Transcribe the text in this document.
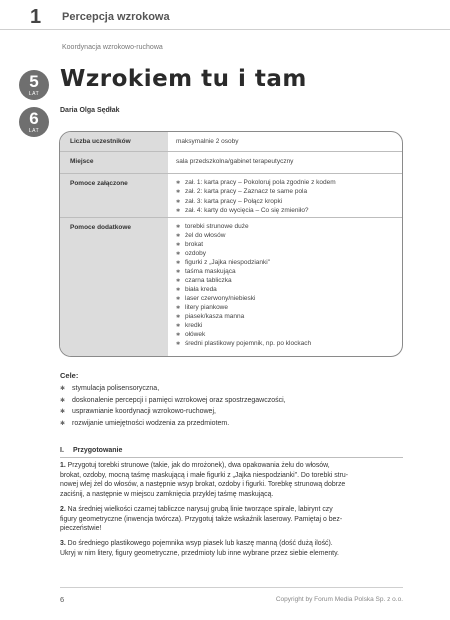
1 Percepcja wzrokowa
Koordynacja wzrokowo-ruchowa
5
LAT
6
LAT
Wzrokiem tu i tam
Daria Olga Sędłak
Liczba uczestników	maksymalnie 2 osoby
Miejsce	sala przedszkolna/gabinet terapeutyczny
Pomoce załączone	✱ zał. 1: karta pracy – Pokoloruj pola zgodnie z kodem
✱ zał. 2: karta pracy – Zaznacz te same pola
✱ zał. 3: karta pracy – Połącz kropki
✱ zał. 4: karty do wycięcia – Co się zmieniło?
Pomoce dodatkowe	✱ torebki strunowe duże
✱ żel do włosów
✱ brokat
✱ ozdoby
✱ figurki z „Jajka niespodzianki"
✱ taśma maskująca
✱ czarna tabliczka
✱ biała kreda
✱ laser czerwony/niebieski
✱ litery piankowe
✱ piasek/kasza manna
✱ kredki
✱ ołówek
✱ średni plastikowy pojemnik, np. po klockach
Cele:
✱ stymulacja polisensoryczna,
✱ doskonalenie percepcji i pamięci wzrokowej oraz spostrzegawczości,
✱ usprawnianie koordynacji wzrokowo-ruchowej,
✱ rozwijanie umiejętności wodzenia za przedmiotem.
I. Przygotowanie
1. Przygotuj torebki strunowe (takie, jak do mrożonek), dwa opakowania żelu do włosów,
brokat, ozdoby, mocną taśmę maskującą i małe figurki z „Jajka niespodzianki". Do torebki stru-
nowej wlej żel do włosów, a następnie wsyp brokat, ozdoby i figurki. Torebkę strunową dobrze
zaciśnij, a następnie w miejscu zamknięcia przyklej taśmę maskującą.
2. Na średniej wielkości czarnej tabliczce narysuj grubą linie tworzące spirale, labirynt czy
figury geometryczne (inwencja twórcza). Przygotuj także wskaźnik laserowy. Pamiętaj o bez-
pieczeństwie!
3. Do średniego plastikowego pojemnika wsyp piasek lub kaszę manną (dość dużą ilość).
Ukryj w nim litery, figury geometryczne, przedmioty lub inne wybrane przez siebie elementy.
6	Copyright by Forum Media Polska Sp. z o.o.
